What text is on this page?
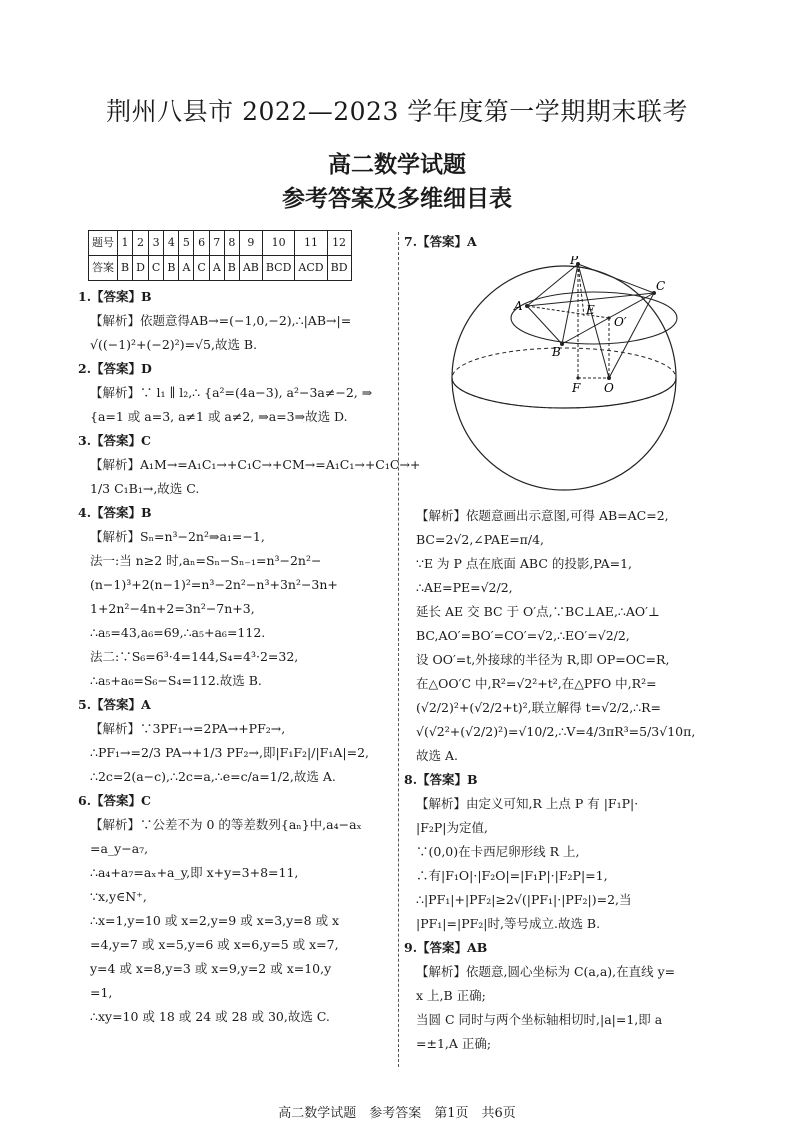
荆州八县市 2022—2023 学年度第一学期期末联考
高二数学试题
参考答案及多维细目表
题号	1	2	3	4	5	6	7	8	9	10	11	12
答案	B	D	C	B	A	C	A	B	AB	BCD	ACD	BD
1.【答案】B
【解析】依题意得AB→=(−1,0,−2),∴|AB→|=
√((−1)²+(−2)²)=√5,故选 B.
2.【答案】D
【解析】∵ l₁ ∥ l₂,∴ {a²=(4a−3), a²−3a≠−2, ⇒
{a=1 或 a=3, a≠1 或 a≠2, ⇒a=3⇒故选 D.
3.【答案】C
【解析】A₁M→=A₁C₁→+C₁C→+CM→=A₁C₁→+C₁C→+
1/3 C₁B₁→,故选 C.
4.【答案】B
【解析】Sₙ=n³−2n²⇒a₁=−1,
法一:当 n≥2 时,aₙ=Sₙ−Sₙ₋₁=n³−2n²−
(n−1)³+2(n−1)²=n³−2n²−n³+3n²−3n+
1+2n²−4n+2=3n²−7n+3,
∴a₅=43,a₆=69,∴a₅+a₆=112.
法二:∵S₆=6³·4=144,S₄=4³·2=32,
∴a₅+a₆=S₆−S₄=112.故选 B.
5.【答案】A
【解析】∵3PF₁→=2PA→+PF₂→,
∴PF₁→=2/3 PA→+1/3 PF₂→,即|F₁F₂|/|F₁A|=2,
∴2c=2(a−c),∴2c=a,∴e=c/a=1/2,故选 A.
6.【答案】C
【解析】∵公差不为 0 的等差数列{aₙ}中,a₄−aₓ
=a_y−a₇,
∴a₄+a₇=aₓ+a_y,即 x+y=3+8=11,
∵x,y∈N⁺,
∴x=1,y=10 或 x=2,y=9 或 x=3,y=8 或 x
=4,y=7 或 x=5,y=6 或 x=6,y=5 或 x=7,
y=4 或 x=8,y=3 或 x=9,y=2 或 x=10,y
=1,
∴xy=10 或 18 或 24 或 28 或 30,故选 C.
7.【答案】A
P
A
C
E
O′
B
F O
【解析】依题意画出示意图,可得 AB=AC=2,
BC=2√2,∠PAE=π/4,
∵E 为 P 点在底面 ABC 的投影,PA=1,
∴AE=PE=√2/2,
延长 AE 交 BC 于 O′点,∵BC⊥AE,∴AO′⊥
BC,AO′=BO′=CO′=√2,∴EO′=√2/2,
设 OO′=t,外接球的半径为 R,即 OP=OC=R,
在△OO′C 中,R²=√2²+t²,在△PFO 中,R²=
(√2/2)²+(√2/2+t)²,联立解得 t=√2/2,∴R=
√(√2²+(√2/2)²)=√10/2,∴V=4/3πR³=5/3√10π,
故选 A.
8.【答案】B
【解析】由定义可知,R 上点 P 有 |F₁P|·
|F₂P|为定值,
∵(0,0)在卡西尼卵形线 R 上,
∴有|F₁O|·|F₂O|=|F₁P|·|F₂P|=1,
∴|PF₁|+|PF₂|≥2√(|PF₁|·|PF₂|)=2,当
|PF₁|=|PF₂|时,等号成立.故选 B.
9.【答案】AB
【解析】依题意,圆心坐标为 C(a,a),在直线 y=
x 上,B 正确;
当圆 C 同时与两个坐标轴相切时,|a|=1,即 a
=±1,A 正确;
高二数学试题　参考答案　第1页　共6页
